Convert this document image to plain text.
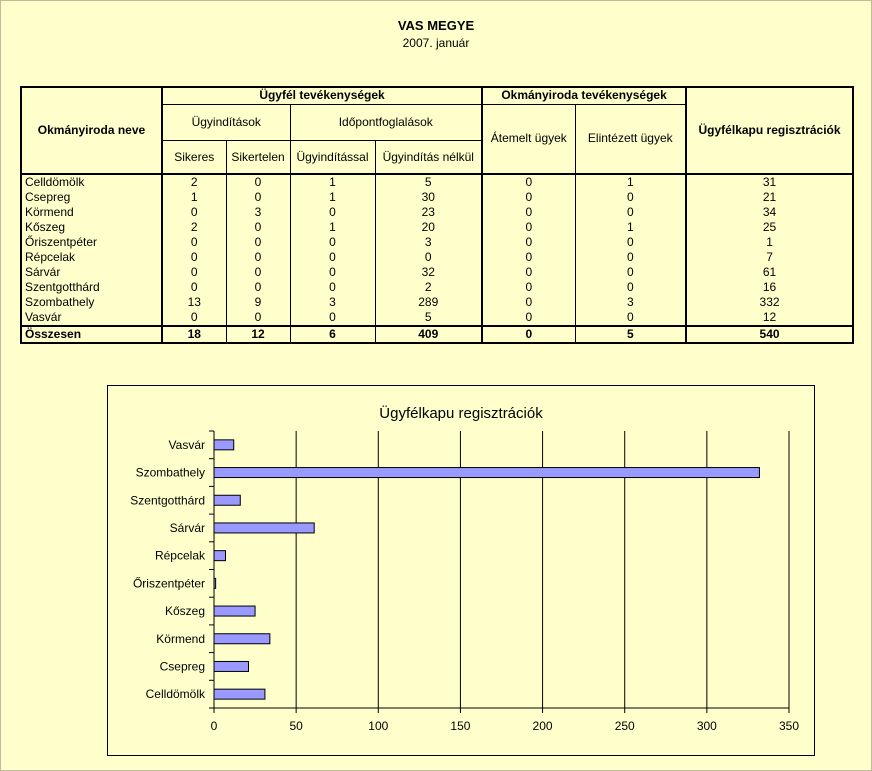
VAS MEGYE
2007. január
Okmányiroda neve	Ügyfél tevékenységek				Okmányiroda tevékenységek		Ügyfélkapu regisztrációk
	Ügyindítások		Időpontfoglalások		Átemelt ügyek	Elintézett ügyek	
	Sikeres	Sikertelen	Ügyindítással	Ügyindítás nélkül			
Celldömölk	2	0	1	5	0	1	31
Csepreg	1	0	1	30	0	0	21
Körmend	0	3	0	23	0	0	34
Kőszeg	2	0	1	20	0	1	25
Őriszentpéter	0	0	0	3	0	0	1
Répcelak	0	0	0	0	0	0	7
Sárvár	0	0	0	32	0	0	61
Szentgotthárd	0	0	0	2	0	0	16
Szombathely	13	9	3	289	0	3	332
Vasvár	0	0	0	5	0	0	12
Összesen	18	12	6	409	0	5	540
Ügyfélkapu regisztrációk
0	50	100	150	200	250	300	350
Vasvár
Szombathely
Szentgotthárd
Sárvár
Répcelak
Őriszentpéter
Kőszeg
Körmend
Csepreg
Celldömölk
